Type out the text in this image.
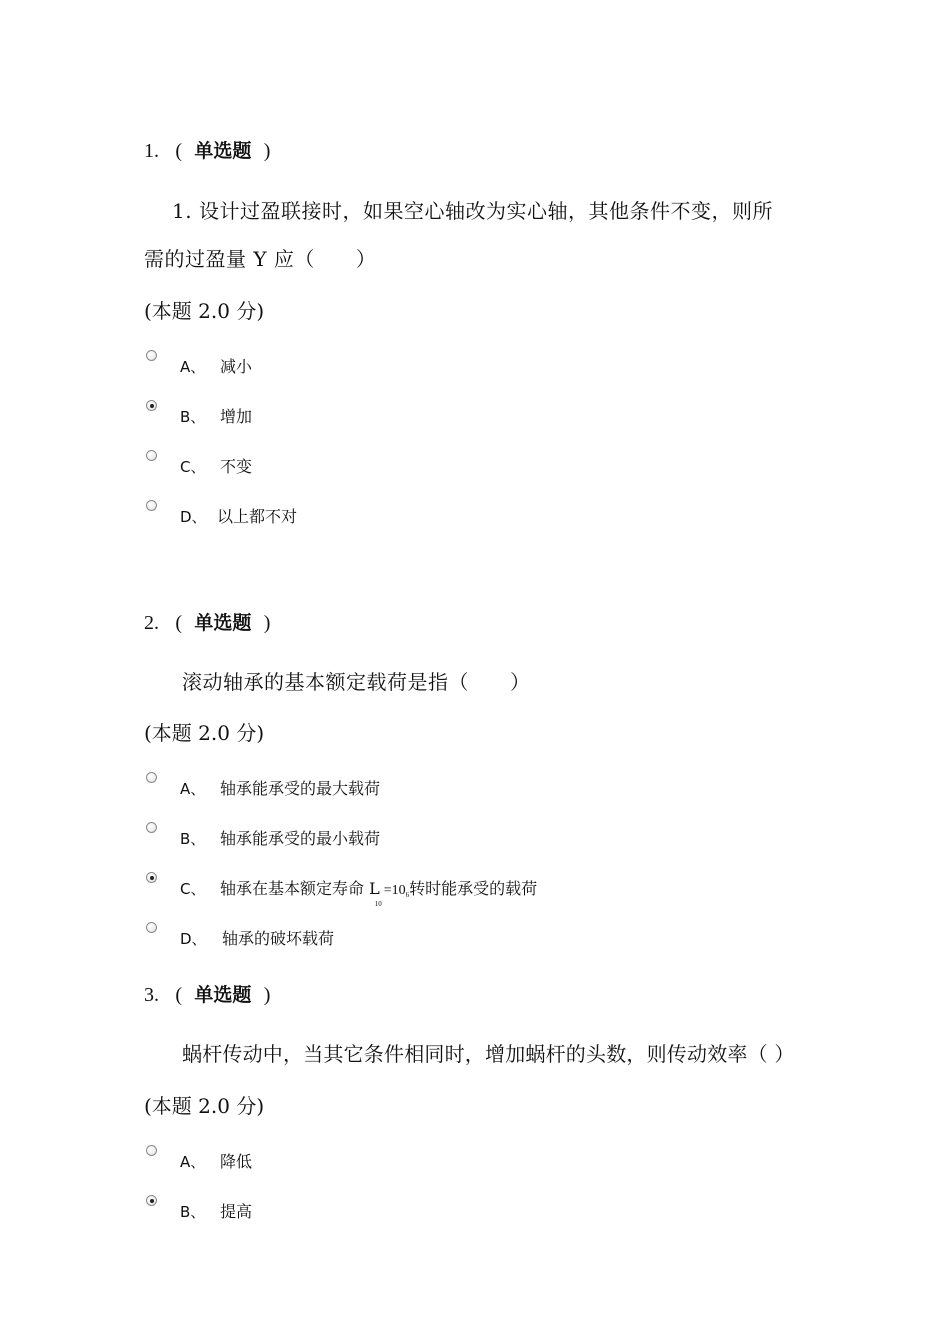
1. ( 单选题 )
1. 设计过盈联接时，如果空心轴改为实心轴，其他条件不变，则所
需的过盈量 Y 应（　　）
(本题 2.0 分)
A、 减小
B、 增加
C、 不变
D、 以上都不对
2. ( 单选题 )
滚动轴承的基本额定载荷是指（　　）
(本题 2.0 分)
A、 轴承能承受的最大载荷
B、 轴承能承受的最小载荷
C、 轴承在基本额定寿命 $L_{10}=106$转时能承受的载荷
D、 轴承的破坏载荷
3. ( 单选题 )
蜗杆传动中，当其它条件相同时，增加蜗杆的头数，则传动效率（ ）
(本题 2.0 分)
A、 降低
B、 提高
